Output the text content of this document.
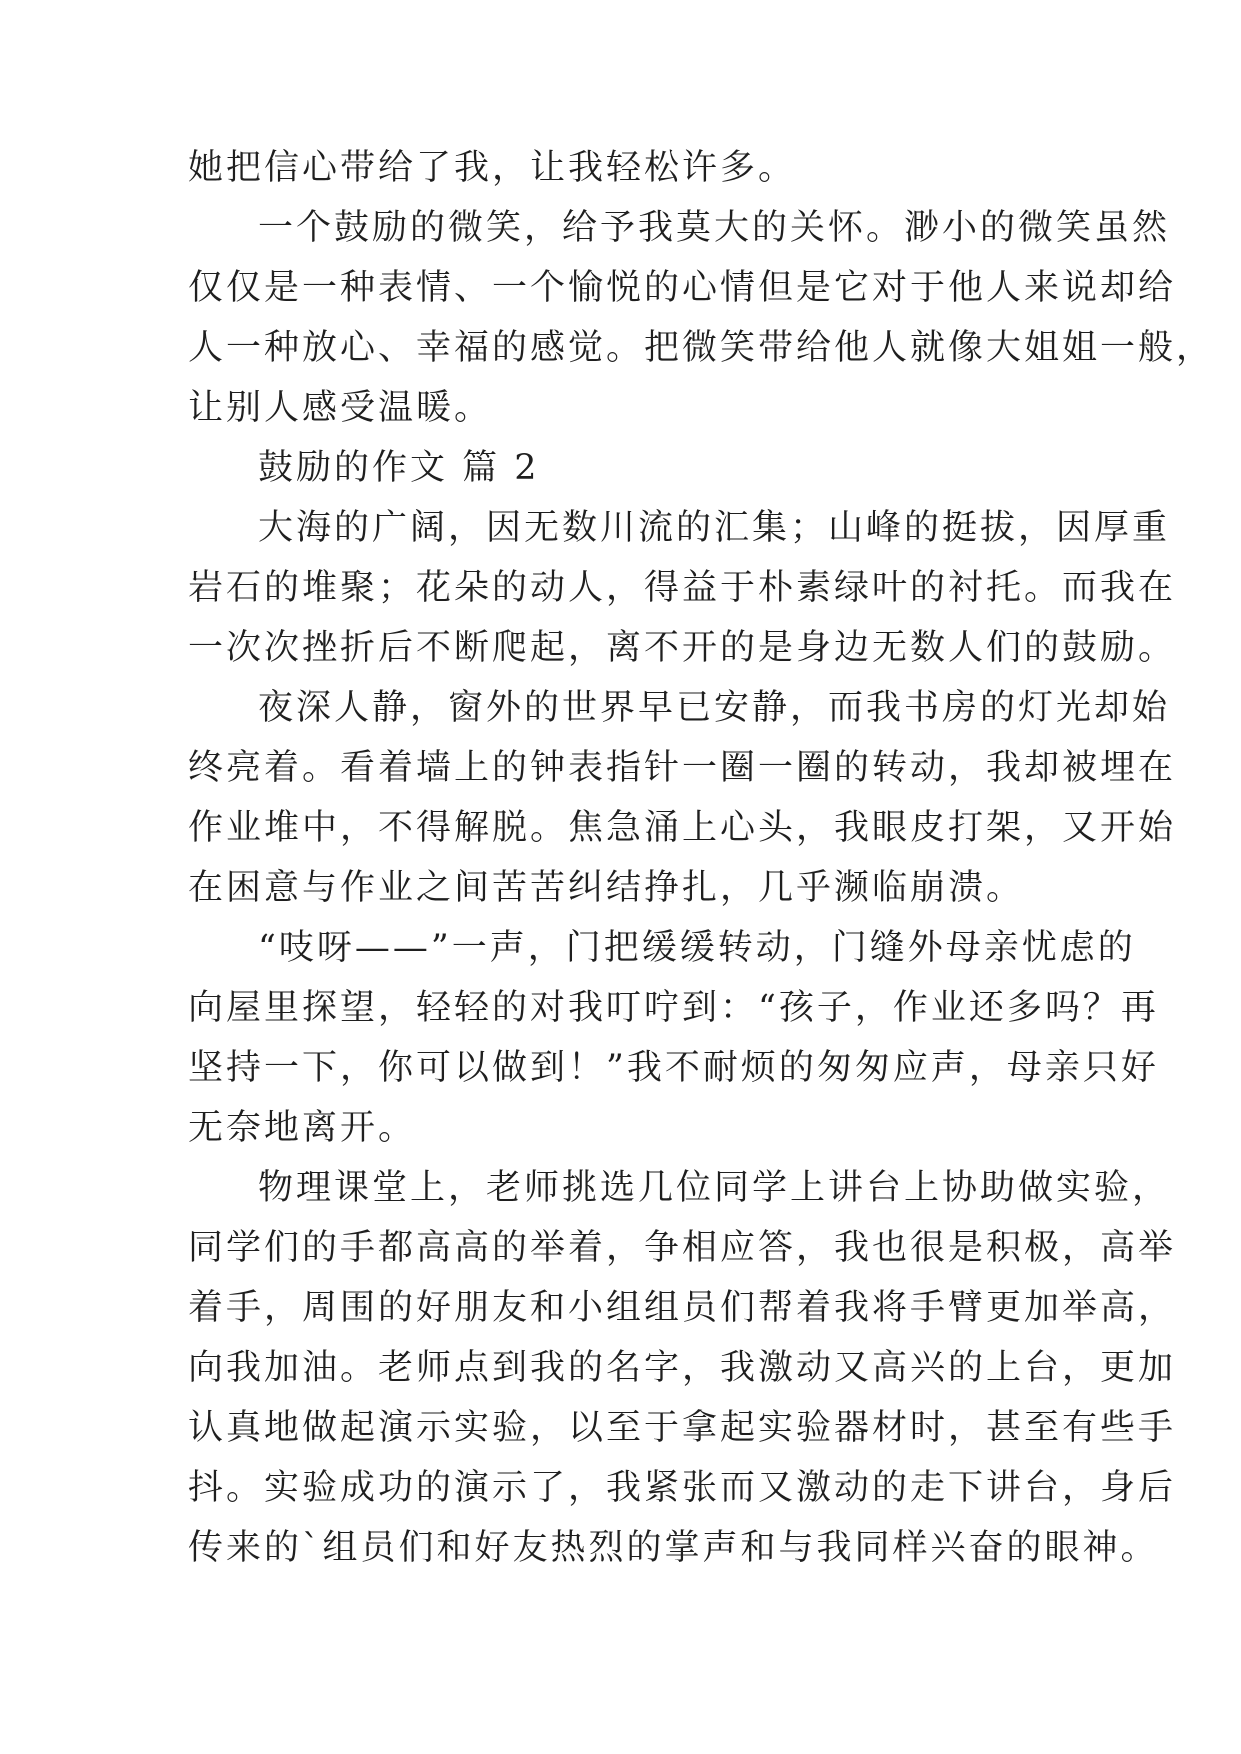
她把信心带给了我，让我轻松许多。
一个鼓励的微笑，给予我莫大的关怀。渺小的微笑虽然
仅仅是一种表情、一个愉悦的心情但是它对于他人来说却给
人一种放心、幸福的感觉。把微笑带给他人就像大姐姐一般，
让别人感受温暖。
鼓励的作文 篇 2
大海的广阔，因无数川流的汇集；山峰的挺拔，因厚重
岩石的堆聚；花朵的动人，得益于朴素绿叶的衬托。而我在
一次次挫折后不断爬起，离不开的是身边无数人们的鼓励。
夜深人静，窗外的世界早已安静，而我书房的灯光却始
终亮着。看着墙上的钟表指针一圈一圈的转动，我却被埋在
作业堆中，不得解脱。焦急涌上心头，我眼皮打架，又开始
在困意与作业之间苦苦纠结挣扎，几乎濒临崩溃。
“吱呀——”一声，门把缓缓转动，门缝外母亲忧虑的
向屋里探望，轻轻的对我叮咛到：“孩子，作业还多吗？再
坚持一下，你可以做到！”我不耐烦的匆匆应声，母亲只好
无奈地离开。
物理课堂上，老师挑选几位同学上讲台上协助做实验，
同学们的手都高高的举着，争相应答，我也很是积极，高举
着手，周围的好朋友和小组组员们帮着我将手臂更加举高，
向我加油。老师点到我的名字，我激动又高兴的上台，更加
认真地做起演示实验，以至于拿起实验器材时，甚至有些手
抖。实验成功的演示了，我紧张而又激动的走下讲台，身后
传来的`组员们和好友热烈的掌声和与我同样兴奋的眼神。
